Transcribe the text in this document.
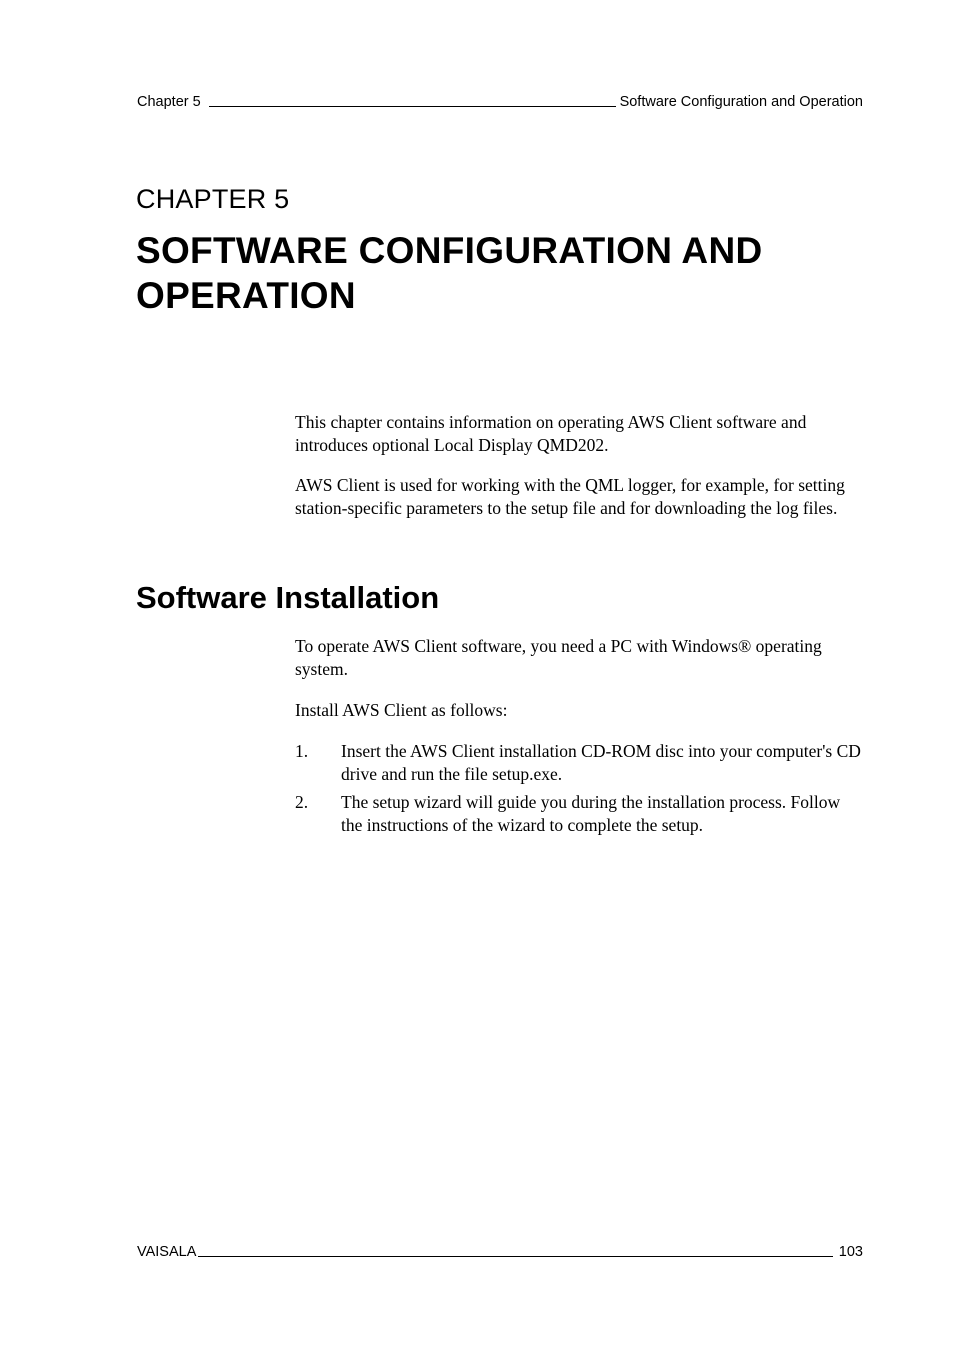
Chapter 5	Software Configuration and Operation
CHAPTER 5
SOFTWARE CONFIGURATION AND OPERATION

This chapter contains information on operating AWS Client software and introduces optional Local Display QMD202.

AWS Client is used for working with the QML logger, for example, for setting station-specific parameters to the setup file and for downloading the log files.

Software Installation

To operate AWS Client software, you need a PC with Windows® operating system.

Install AWS Client as follows:

1.	Insert the AWS Client installation CD-ROM disc into your computer's CD drive and run the file setup.exe.
2.	The setup wizard will guide you during the installation process. Follow the instructions of the wizard to complete the setup.
VAISALA	103
